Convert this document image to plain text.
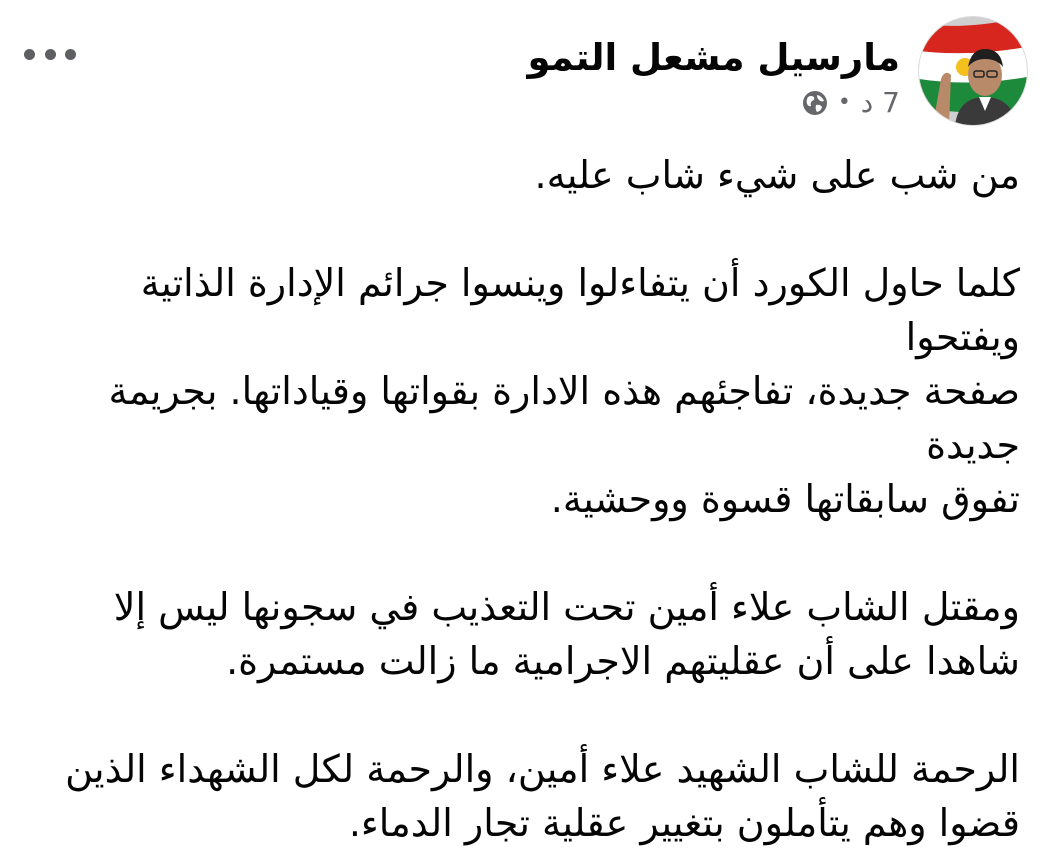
مارسيل مشعل التمو
7 د
•

من شب على شيء شاب عليه.

كلما حاول الكورد أن يتفاءلوا وينسوا جرائم الإدارة الذاتية ويفتحوا
صفحة جديدة، تفاجئهم هذه الادارة بقواتها وقياداتها. بجريمة جديدة
تفوق سابقاتها قسوة ووحشية.

ومقتل الشاب علاء أمين تحت التعذيب في سجونها ليس إلا
شاهدا على أن عقليتهم الاجرامية ما زالت مستمرة.

الرحمة للشاب الشهيد علاء أمين، والرحمة لكل الشهداء الذين
قضوا وهم يتأملون بتغيير عقلية تجار الدماء.
